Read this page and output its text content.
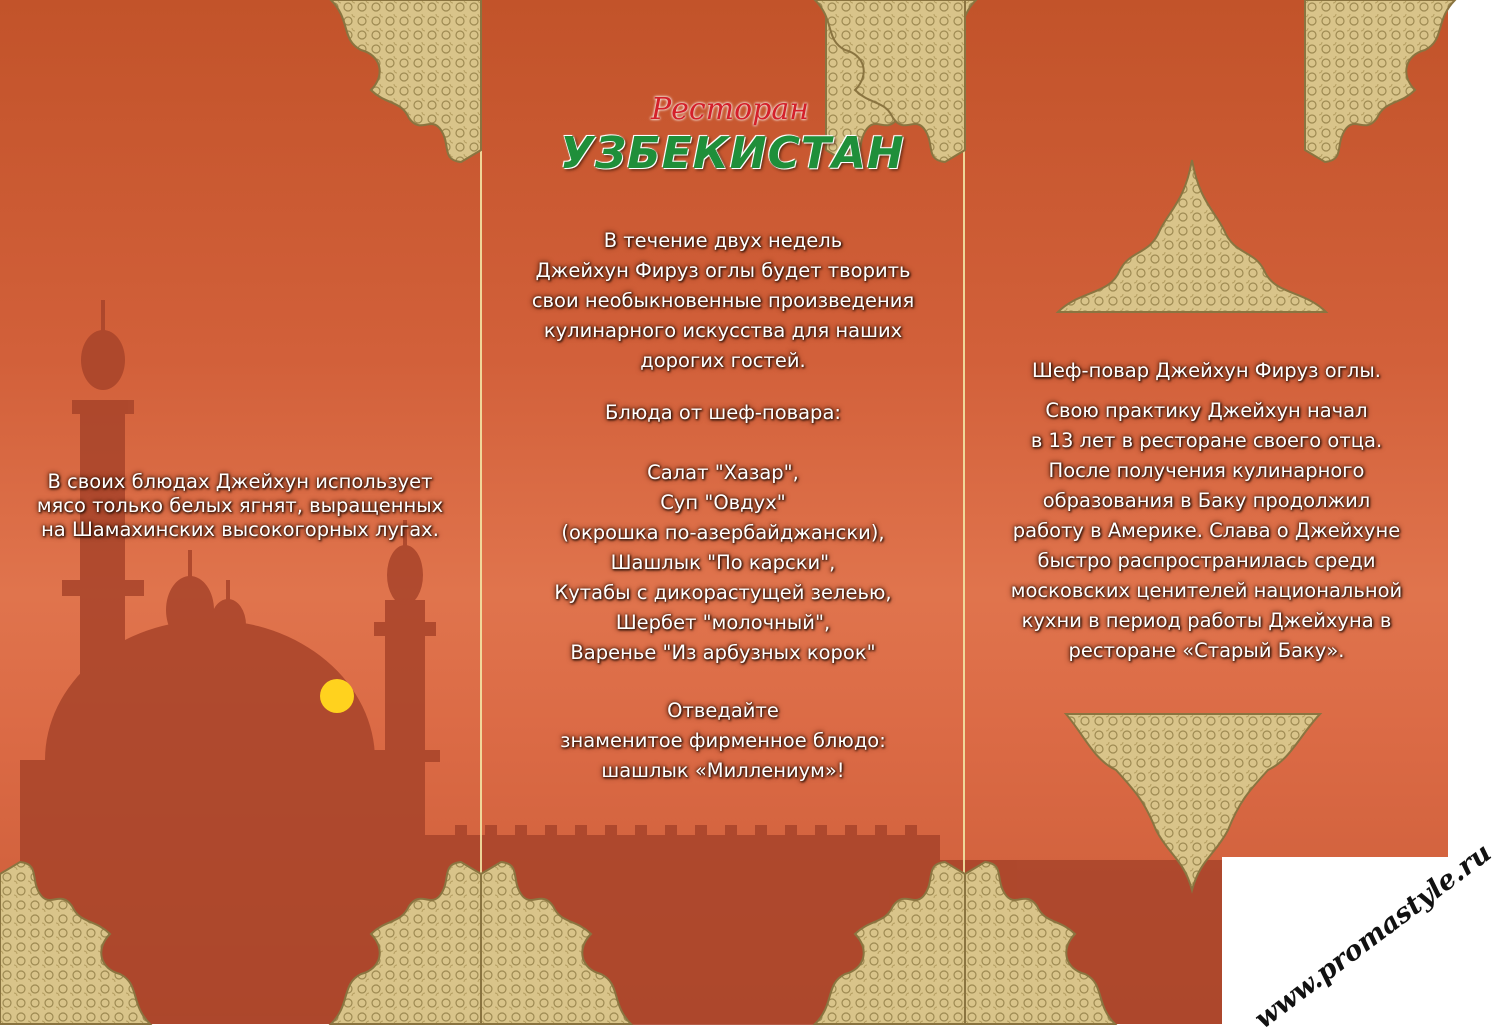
Ресторан
УЗБЕКИСТАН
В своих блюдах Джейхун использует
мясо только белых ягнят, выращенных
на Шамахинских высокогорных лугах.
В течение двух недель
Джейхун Фируз оглы будет творить
свои необыкновенные произведения
кулинарного искусства для наших
дорогих гостей.
Блюда от шеф-повара:
Салат "Хазар",
Суп "Овдух"
(окрошка по-азербайджански),
Шашлык "По карски",
Кутабы с дикорастущей зелеью,
Шербет "молочный",
Варенье "Из арбузных корок"
Отведайте
знаменитое фирменное блюдо:
шашлык «Миллениум»!
Шеф-повар Джейхун Фируз оглы.
Свою практику Джейхун начал
в 13 лет в ресторане своего отца.
После получения кулинарного
образования в Баку продолжил
работу в Америке. Слава о Джейхуне
быстро распространилась среди
московских ценителей национальной
кухни в период работы Джейхуна в
ресторане «Старый Баку».
www.promastyle.ru
